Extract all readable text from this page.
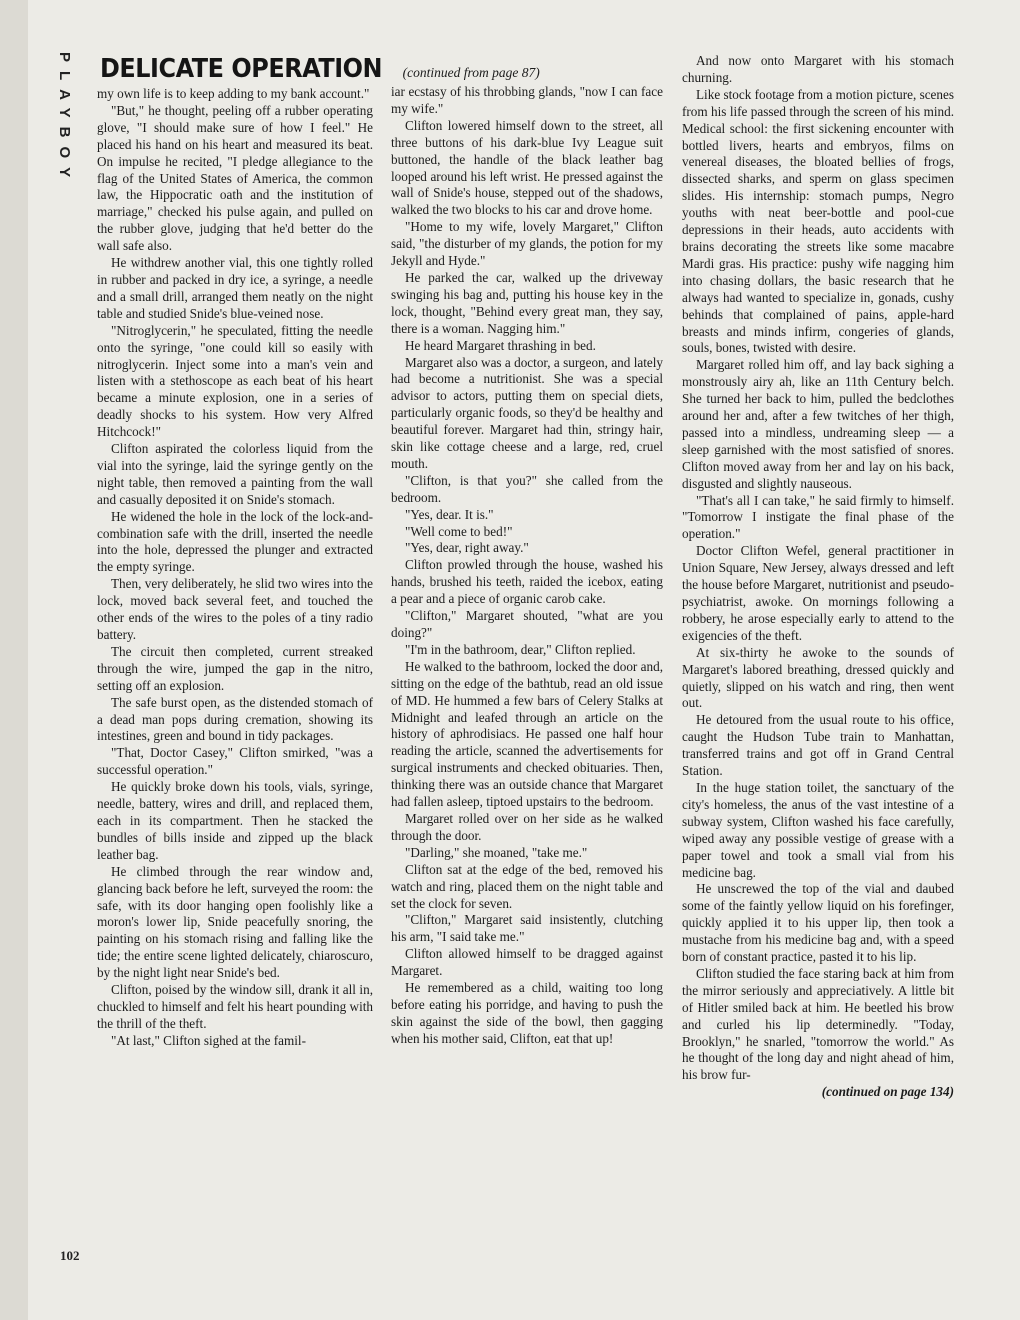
PLAYBOY DELICATE OPERATION (continued from page 87)

my own life is to keep adding to my bank account."

"But," he thought, peeling off a rubber operating glove, "I should make sure of how I feel." He placed his hand on his heart and measured its beat. On impulse he recited, "I pledge allegiance to the flag of the United States of America, the common law, the Hippocratic oath and the institution of marriage," checked his pulse again, and pulled on the rubber glove, judging that he'd better do the wall safe also.

He withdrew another vial, this one tightly rolled in rubber and packed in dry ice, a syringe, a needle and a small drill, arranged them neatly on the night table and studied Snide's blue-veined nose.

"Nitroglycerin," he speculated, fitting the needle onto the syringe, "one could kill so easily with nitroglycerin. Inject some into a man's vein and listen with a stethoscope as each beat of his heart became a minute explosion, one in a series of deadly shocks to his system. How very Alfred Hitchcock!"

Clifton aspirated the colorless liquid from the vial into the syringe, laid the syringe gently on the night table, then removed a painting from the wall and casually deposited it on Snide's stomach.

He widened the hole in the lock of the lock-and-combination safe with the drill, inserted the needle into the hole, depressed the plunger and extracted the empty syringe.

Then, very deliberately, he slid two wires into the lock, moved back several feet, and touched the other ends of the wires to the poles of a tiny radio battery.

The circuit then completed, current streaked through the wire, jumped the gap in the nitro, setting off an explosion.

The safe burst open, as the distended stomach of a dead man pops during cremation, showing its intestines, green and bound in tidy packages.

"That, Doctor Casey," Clifton smirked, "was a successful operation."

He quickly broke down his tools, vials, syringe, needle, battery, wires and drill, and replaced them, each in its compartment. Then he stacked the bundles of bills inside and zipped up the black leather bag.

He climbed through the rear window and, glancing back before he left, surveyed the room: the safe, with its door hanging open foolishly like a moron's lower lip, Snide peacefully snoring, the painting on his stomach rising and falling like the tide; the entire scene lighted delicately, chiaroscuro, by the night light near Snide's bed.

Clifton, poised by the window sill, drank it all in, chuckled to himself and felt his heart pounding with the thrill of the theft.

"At last," Clifton sighed at the famil-

iar ecstasy of his throbbing glands, "now I can face my wife."

Clifton lowered himself down to the street, all three buttons of his dark-blue Ivy League suit buttoned, the handle of the black leather bag looped around his left wrist. He pressed against the wall of Snide's house, stepped out of the shadows, walked the two blocks to his car and drove home.

"Home to my wife, lovely Margaret," Clifton said, "the disturber of my glands, the potion for my Jekyll and Hyde."

He parked the car, walked up the driveway swinging his bag and, putting his house key in the lock, thought, "Behind every great man, they say, there is a woman. Nagging him."

He heard Margaret thrashing in bed.

Margaret also was a doctor, a surgeon, and lately had become a nutritionist. She was a special advisor to actors, putting them on special diets, particularly organic foods, so they'd be healthy and beautiful forever. Margaret had thin, stringy hair, skin like cottage cheese and a large, red, cruel mouth.

"Clifton, is that you?" she called from the bedroom.

"Yes, dear. It is."

"Well come to bed!"

"Yes, dear, right away."

Clifton prowled through the house, washed his hands, brushed his teeth, raided the icebox, eating a pear and a piece of organic carob cake.

"Clifton," Margaret shouted, "what are you doing?"

"I'm in the bathroom, dear," Clifton replied.

He walked to the bathroom, locked the door and, sitting on the edge of the bathtub, read an old issue of MD. He hummed a few bars of Celery Stalks at Midnight and leafed through an article on the history of aphrodisiacs. He passed one half hour reading the article, scanned the advertisements for surgical instruments and checked obituaries. Then, thinking there was an outside chance that Margaret had fallen asleep, tiptoed upstairs to the bedroom.

Margaret rolled over on her side as he walked through the door.

"Darling," she moaned, "take me."

Clifton sat at the edge of the bed, removed his watch and ring, placed them on the night table and set the clock for seven.

"Clifton," Margaret said insistently, clutching his arm, "I said take me."

Clifton allowed himself to be dragged against Margaret.

He remembered as a child, waiting too long before eating his porridge, and having to push the skin against the side of the bowl, then gagging when his mother said, Clifton, eat that up!

And now onto Margaret with his stomach churning.

Like stock footage from a motion picture, scenes from his life passed through the screen of his mind. Medical school: the first sickening encounter with bottled livers, hearts and embryos, films on venereal diseases, the bloated bellies of frogs, dissected sharks, and sperm on glass specimen slides. His internship: stomach pumps, Negro youths with neat beer-bottle and pool-cue depressions in their heads, auto accidents with brains decorating the streets like some macabre Mardi gras. His practice: pushy wife nagging him into chasing dollars, the basic research that he always had wanted to specialize in, gonads, cushy behinds that complained of pains, apple-hard breasts and minds infirm, congeries of glands, souls, bones, twisted with desire.

Margaret rolled him off, and lay back sighing a monstrously airy ah, like an 11th Century belch. She turned her back to him, pulled the bedclothes around her and, after a few twitches of her thigh, passed into a mindless, undreaming sleep — a sleep garnished with the most satisfied of snores. Clifton moved away from her and lay on his back, disgusted and slightly nauseous.

"That's all I can take," he said firmly to himself. "Tomorrow I instigate the final phase of the operation."

Doctor Clifton Wefel, general practitioner in Union Square, New Jersey, always dressed and left the house before Margaret, nutritionist and pseudo-psychiatrist, awoke. On mornings following a robbery, he arose especially early to attend to the exigencies of the theft.

At six-thirty he awoke to the sounds of Margaret's labored breathing, dressed quickly and quietly, slipped on his watch and ring, then went out.

He detoured from the usual route to his office, caught the Hudson Tube train to Manhattan, transferred trains and got off in Grand Central Station.

In the huge station toilet, the sanctuary of the city's homeless, the anus of the vast intestine of a subway system, Clifton washed his face carefully, wiped away any possible vestige of grease with a paper towel and took a small vial from his medicine bag.

He unscrewed the top of the vial and daubed some of the faintly yellow liquid on his forefinger, quickly applied it to his upper lip, then took a mustache from his medicine bag and, with a speed born of constant practice, pasted it to his lip.

Clifton studied the face staring back at him from the mirror seriously and appreciatively. A little bit of Hitler smiled back at him. He beetled his brow and curled his lip determinedly. "Today, Brooklyn," he snarled, "tomorrow the world." As he thought of the long day and night ahead of him, his brow fur-

(continued on page 134)

102
